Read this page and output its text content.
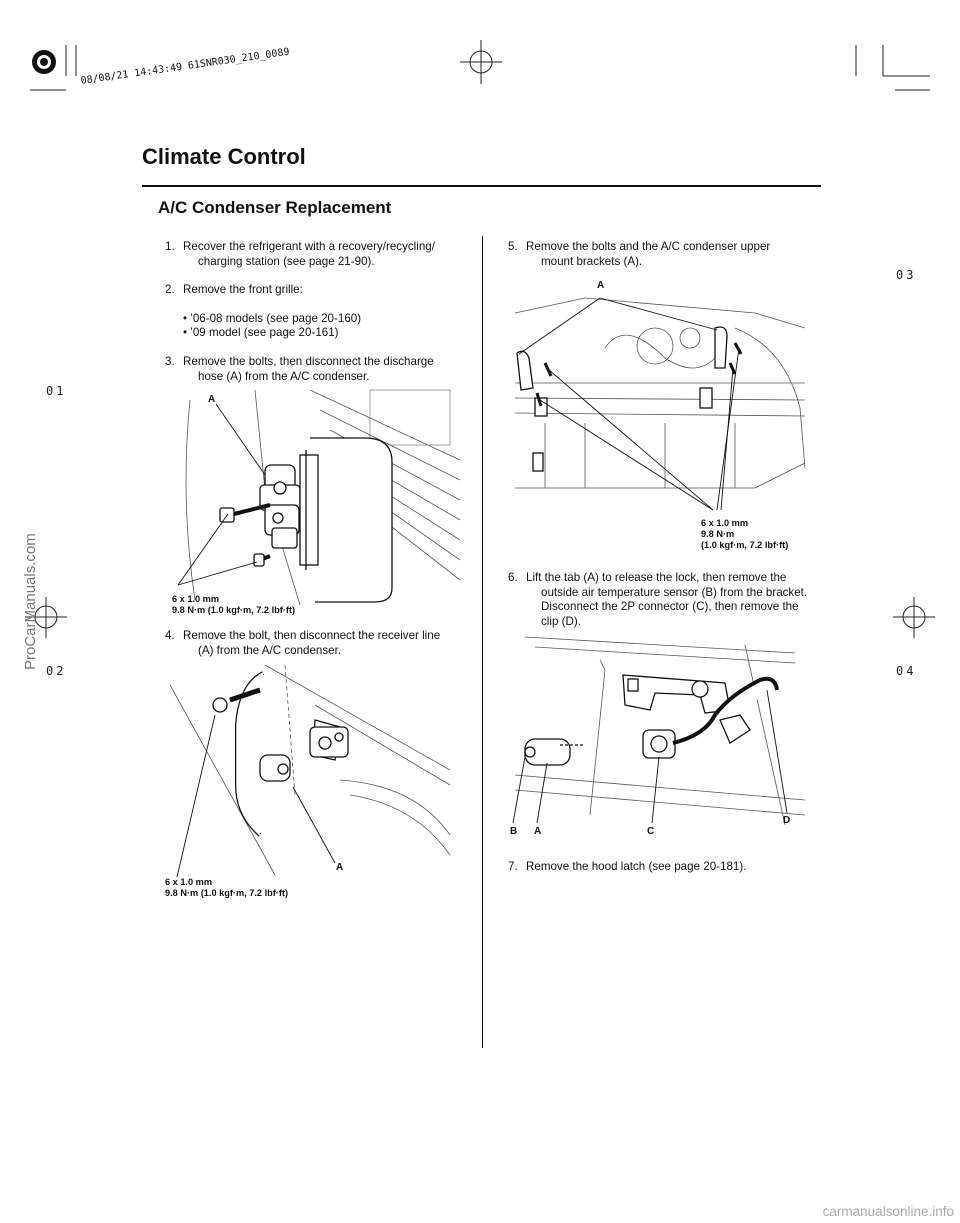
08/08/21 14:43:49 61SNR030_210_0089
Climate Control
A/C Condenser Replacement
01
02
03
04
1. Recover the refrigerant with a recovery/recycling/
charging station (see page 21-90).
2. Remove the front grille:
• ’06-08 models (see page 20-160)
• ’09 model (see page 20-161)
3. Remove the bolts, then disconnect the discharge
hose (A) from the A/C condenser.
A
6 x 1.0 mm
9.8 N·m (1.0 kgf·m, 7.2 lbf·ft)
4. Remove the bolt, then disconnect the receiver line
(A) from the A/C condenser.
A
6 x 1.0 mm
9.8 N·m (1.0 kgf·m, 7.2 lbf·ft)
5. Remove the bolts and the A/C condenser upper
mount brackets (A).
A
6 x 1.0 mm
9.8 N·m
(1.0 kgf·m, 7.2 lbf·ft)
6. Lift the tab (A) to release the lock, then remove the
outside air temperature sensor (B) from the bracket.
Disconnect the 2P connector (C), then remove the
clip (D).
B A	C
D
7. Remove the hood latch (see page 20-181).
ProCarManuals.com
carmanualsonline.info
